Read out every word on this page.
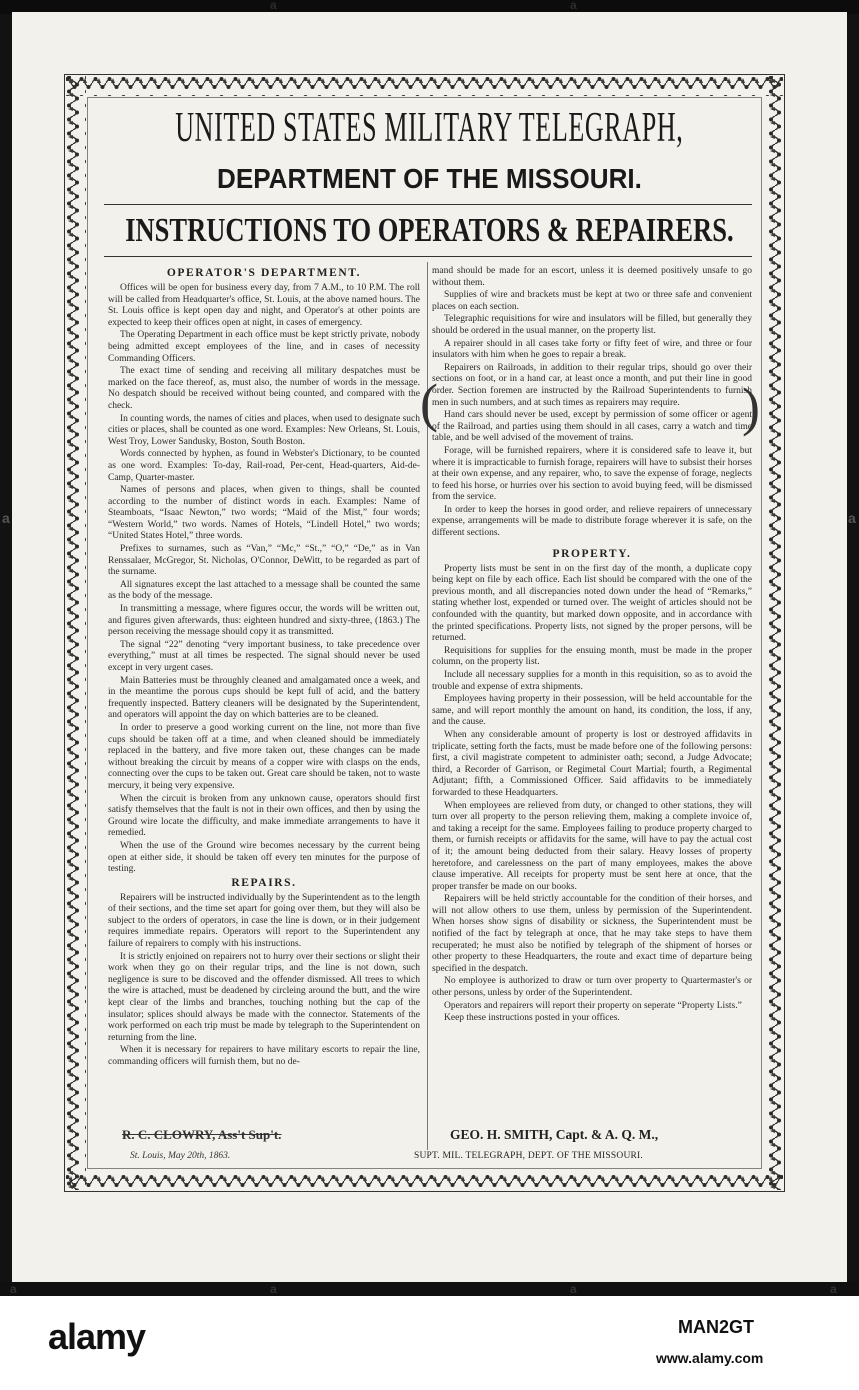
a	a
UNITED STATES MILITARY TELEGRAPH,
DEPARTMENT OF THE MISSOURI.
INSTRUCTIONS TO OPERATORS & REPAIRERS.
OPERATOR'S DEPARTMENT.

Offices will be open for business every day, from 7 A.M., to 10 P.M. The roll will be called from Headquarter's office, St. Louis, at the above named hours. The St. Louis office is kept open day and night, and Operator's at other points are expected to keep their offices open at night, in cases of emergency.

The Operating Department in each office must be kept strictly private, nobody being admitted except employees of the line, and in cases of necessity Commanding Officers.

The exact time of sending and receiving all military despatches must be marked on the face thereof, as, must also, the number of words in the message. No despatch should be received without being counted, and compared with the check.

In counting words, the names of cities and places, when used to designate such cities or places, shall be counted as one word. Examples: New Orleans, St. Louis, West Troy, Lower Sandusky, Boston, South Boston.

Words connected by hyphen, as found in Webster's Dictionary, to be counted as one word. Examples: To-day, Rail-road, Per-cent, Head-quarters, Aid-de-Camp, Quarter-master.

Names of persons and places, when given to things, shall be counted according to the number of distinct words in each. Examples: Name of Steamboats, “Isaac Newton,” two words; “Maid of the Mist,” four words; “Western World,” two words. Names of Hotels, “Lindell Hotel,” two words; “United States Hotel,” three words.

Prefixes to surnames, such as “Van,” “Mc,” “St.,” “O,” “De,” as in Van Renssalaer, McGregor, St. Nicholas, O'Connor, DeWitt, to be regarded as part of the surname.

All signatures except the last attached to a message shall be counted the same as the body of the message.

In transmitting a message, where figures occur, the words will be written out, and figures given afterwards, thus: eighteen hundred and sixty-three, (1863.) The person receiving the message should copy it as transmitted.

The signal “22” denoting “very important business, to take precedence over everything,” must at all times be respected. The signal should never be used except in very urgent cases.

Main Batteries must be throughly cleaned and amalgamated once a week, and in the meantime the porous cups should be kept full of acid, and the battery frequently inspected. Battery cleaners will be designated by the Superintendent, and operators will appoint the day on which batteries are to be cleaned.

In order to preserve a good working current on the line, not more than five cups should be taken off at a time, and when cleaned should be immediately replaced in the battery, and five more taken out, these changes can be made without breaking the circuit by means of a copper wire with clasps on the ends, connecting over the cups to be taken out. Great care should be taken, not to waste mercury, it being very expensive.

When the circuit is broken from any unknown cause, operators should first satisfy themselves that the fault is not in their own offices, and then by using the Ground wire locate the difficulty, and make immediate arrangements to have it remedied.

When the use of the Ground wire becomes necessary by the current being open at either side, it should be taken off every ten minutes for the purpose of testing.

REPAIRS.

Repairers will be instructed individually by the Superintendent as to the length of their sections, and the time set apart for going over them, but they will also be subject to the orders of operators, in case the line is down, or in their judgement requires immediate repairs. Operators will report to the Superintendent any failure of repairers to comply with his instructions.

It is strictly enjoined on repairers not to hurry over their sections or slight their work when they go on their regular trips, and the line is not down, such negligence is sure to be discoved and the offender dismissed. All trees to which the wire is attached, must be deadened by circleing around the butt, and the wire kept clear of the limbs and branches, touching nothing but the cap of the insulator; splices should always be made with the connector. Statements of the work performed on each trip must be made by telegraph to the Superintendent on returning from the line.

When it is necessary for repairers to have military escorts to repair the line, commanding officers will furnish them, but no de-

mand should be made for an escort, unless it is deemed positively unsafe to go without them.

Supplies of wire and brackets must be kept at two or three safe and convenient places on each section.

Telegraphic requisitions for wire and insulators will be filled, but generally they should be ordered in the usual manner, on the property list.

A repairer should in all cases take forty or fifty feet of wire, and three or four insulators with him when he goes to repair a break.

Repairers on Railroads, in addition to their regular trips, should go over their sections on foot, or in a hand car, at least once a month, and put their line in good order. Section foremen are instructed by the Railroad Superintendents to furnish men in such numbers, and at such times as repairers may require.

Hand cars should never be used, except by permission of some officer or agent of the Railroad, and parties using them should in all cases, carry a watch and time table, and be well advised of the movement of trains.

Forage, will be furnished repairers, where it is considered safe to leave it, but where it is impracticable to furnish forage, repairers will have to subsist their horses at their own expense, and any repairer, who, to save the expense of forage, neglects to feed his horse, or hurries over his section to avoid buying feed, will be dismissed from the service.

In order to keep the horses in good order, and relieve repairers of unnecessary expense, arrangements will be made to distribute forage wherever it is safe, on the different sections.

PROPERTY.

Property lists must be sent in on the first day of the month, a duplicate copy being kept on file by each office. Each list should be compared with the one of the previous month, and all discrepancies noted down under the head of “Remarks,” stating whether lost, expended or turned over. The weight of articles should not be confounded with the quantity, but marked down opposite, and in accordance with the printed specifications. Property lists, not signed by the proper persons, will be returned.

Requisitions for supplies for the ensuing month, must be made in the proper column, on the property list.

Include all necessary supplies for a month in this requisition, so as to avoid the trouble and expense of extra shipments.

Employees having property in their possession, will be held accountable for the same, and will report monthly the amount on hand, its condition, the loss, if any, and the cause.

When any considerable amount of property is lost or destroyed affidavits in triplicate, setting forth the facts, must be made before one of the following persons: first, a civil magistrate competent to administer oath; second, a Judge Advocate; third, a Recorder of Garrison, or Regimetal Court Martial; fourth, a Regimental Adjutant; fifth, a Commissioned Officer. Said affidavits to be immediately forwarded to these Headquarters.

When employees are relieved from duty, or changed to other stations, they will turn over all property to the person relieving them, making a complete invoice of, and taking a receipt for the same. Employees failing to produce property charged to them, or furnish receipts or affidavits for the same, will have to pay the actual cost of it; the amount being deducted from their salary. Heavy losses of property heretofore, and carelessness on the part of many employees, makes the above clause imperative. All receipts for property must be sent here at once, that the proper transfer be made on our books.

Repairers will be held strictly accountable for the condition of their horses, and will not allow others to use them, unless by permission of the Superintendent. When horses show signs of disability or sickness, the Superintendent must be notified of the fact by telegraph at once, that he may take steps to have them recuperated; he must also be notified by telegraph of the shipment of horses or other property to these Headquarters, the route and exact time of departure being specified in the despatch.

No employee is authorized to draw or turn over property to Quartermaster's or other persons, unless by order of the Superintendent.

Operators and repairers will report their property on seperate “Property Lists.”

Keep these instructions posted in your offices.

(	)
R. C. CLOWRY, Ass't Sup't.	GEO. H. SMITH, Capt. & A. Q. M.,
St. Louis, May 20th, 1863.	SUPT. MIL. TELEGRAPH, DEPT. OF THE MISSOURI.
a	a
a	a	a	a
alamy	MAN2GT
www.alamy.com
